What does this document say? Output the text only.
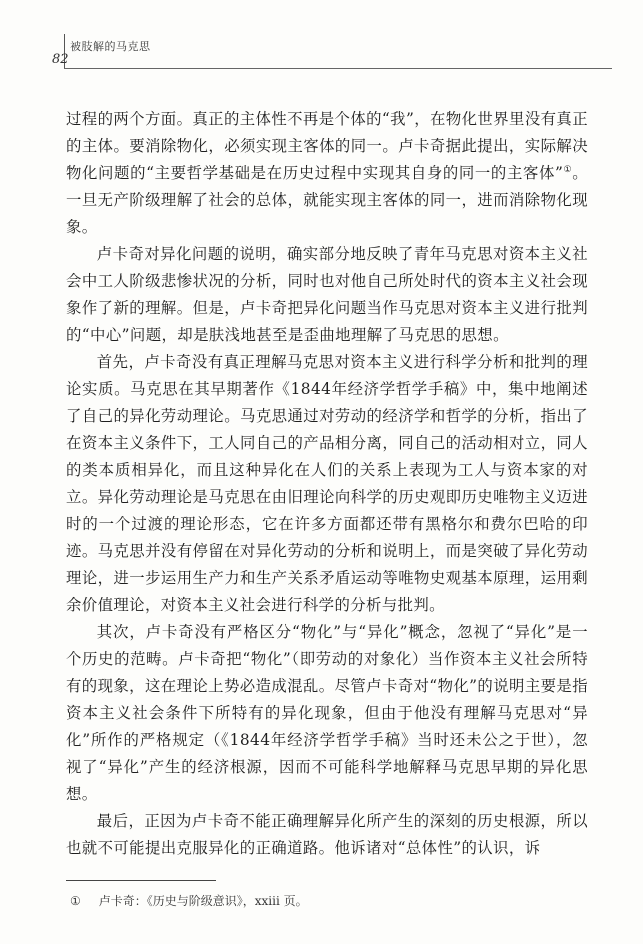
82
被肢解的马克思

过程的两个方面。真正的主体性不再是个体的“我”，在物化世界里没有真正的主体。要消除物化，必须实现主客体的同一。卢卡奇据此提出，实际解决物化问题的“主要哲学基础是在历史过程中实现其自身的同一的主客体”①。一旦无产阶级理解了社会的总体，就能实现主客体的同一，进而消除物化现象。

卢卡奇对异化问题的说明，确实部分地反映了青年马克思对资本主义社会中工人阶级悲惨状况的分析，同时也对他自己所处时代的资本主义社会现象作了新的理解。但是，卢卡奇把异化问题当作马克思对资本主义进行批判的“中心”问题，却是肤浅地甚至是歪曲地理解了马克思的思想。

首先，卢卡奇没有真正理解马克思对资本主义进行科学分析和批判的理论实质。马克思在其早期著作《1844年经济学哲学手稿》中，集中地阐述了自己的异化劳动理论。马克思通过对劳动的经济学和哲学的分析，指出了在资本主义条件下，工人同自己的产品相分离，同自己的活动相对立，同人的类本质相异化，而且这种异化在人们的关系上表现为工人与资本家的对立。异化劳动理论是马克思在由旧理论向科学的历史观即历史唯物主义迈进时的一个过渡的理论形态，它在许多方面都还带有黑格尔和费尔巴哈的印迹。马克思并没有停留在对异化劳动的分析和说明上，而是突破了异化劳动理论，进一步运用生产力和生产关系矛盾运动等唯物史观基本原理，运用剩余价值理论，对资本主义社会进行科学的分析与批判。

其次，卢卡奇没有严格区分“物化”与“异化”概念，忽视了“异化”是一个历史的范畴。卢卡奇把“物化”（即劳动的对象化）当作资本主义社会所特有的现象，这在理论上势必造成混乱。尽管卢卡奇对“物化”的说明主要是指资本主义社会条件下所特有的异化现象，但由于他没有理解马克思对“异化”所作的严格规定（《1844年经济学哲学手稿》当时还未公之于世），忽视了“异化”产生的经济根源，因而不可能科学地解释马克思早期的异化思想。

最后，正因为卢卡奇不能正确理解异化所产生的深刻的历史根源，所以也就不可能提出克服异化的正确道路。他诉诸对“总体性”的认识，诉

① 卢卡奇：《历史与阶级意识》，xxiii 页。
